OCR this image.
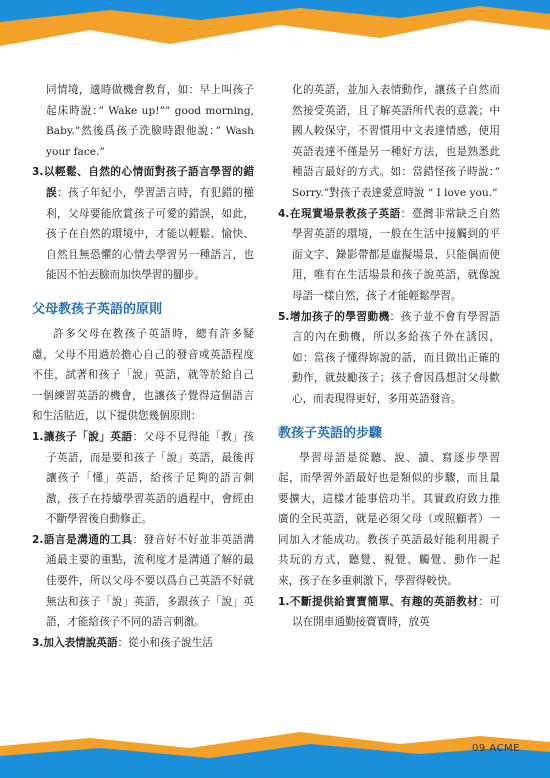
同情境，適時做機會教育，如：早上叫孩子起床時說：” Wake up!”” good morning, Baby.”然後爲孩子洗臉時跟他說：” Wash your face.”

3.以輕鬆、自然的心情面對孩子語言學習的錯誤：孩子年紀小，學習語言時，有犯錯的權利，父母要能欣賞孩子可愛的錯誤，如此，孩子在自然的環境中，才能以輕鬆、愉快、自然且無恐懼的心情去學習另一種語言，也能因不怕丟臉而加快學習的腳步。

父母教孩子英語的原則

許多父母在教孩子英語時，總有許多疑慮，父母不用過於擔心自己的發音或英語程度不佳，試著和孩子「說」英語，就等於給自己一個練習英語的機會，也讓孩子覺得這個語言和生活貼近，以下提供您幾個原則：

1.讓孩子「說」英語：父母不見得能「教」孩子英語，而是要和孩子「說」英語，最後再讓孩子「懂」英語，給孩子足夠的語言刺激，孩子在持續學習英語的過程中，會經由不斷學習後自動修正。

2.語言是溝通的工具：發音好不好並非英語溝通最主要的重點，流利度才是溝通了解的最佳要件，所以父母不要以爲自己英語不好就無法和孩子「說」英語，多跟孩子「說」英語，才能給孩子不同的語言刺激。

3.加入表情說英語：從小和孩子說生活

化的英語，並加入表情動作，讓孩子自然而然接受英語，且了解英語所代表的意義；中國人較保守，不習慣用中文表達情感，使用英語表達不僅是另一種好方法，也是熟悉此種語言最好的方式。如：當錯怪孩子時說：” Sorry.”對孩子表達愛意時說 ” I love you.”

4.在現實場景教孩子英語：臺灣非常缺乏自然學習英語的環境，一般在生活中接觸到的平面文字、錄影帶都是虛擬場景，只能偶而使用，唯有在生活場景和孩子說英語，就像說母語一樣自然，孩子才能輕鬆學習。

5.增加孩子的學習動機：孩子並不會有學習語言的內在動機，所以多給孩子外在誘因，如：當孩子懂得妳說的話，而且做出正確的動作，就鼓勵孩子；孩子會因爲想討父母歡心，而表現得更好，多用英語發音。

教孩子英語的步驟

學習母語是從聽、說、讀、寫逐步學習起，而學習外語最好也是類似的步驟，而且量要擴大，這樣才能事倍功半。其實政府致力推廣的全民英語，就是必須父母（或照顧者）一同加入才能成功。教孩子英語最好能利用親子共玩的方式，聽覺、視覺、觸覺、動作一起來，孩子在多重刺激下，學習得較快。

1.不斷提供給寶寶簡單、有趣的英語教材：可以在開車通勤接寶寶時，放英

09 ACME
